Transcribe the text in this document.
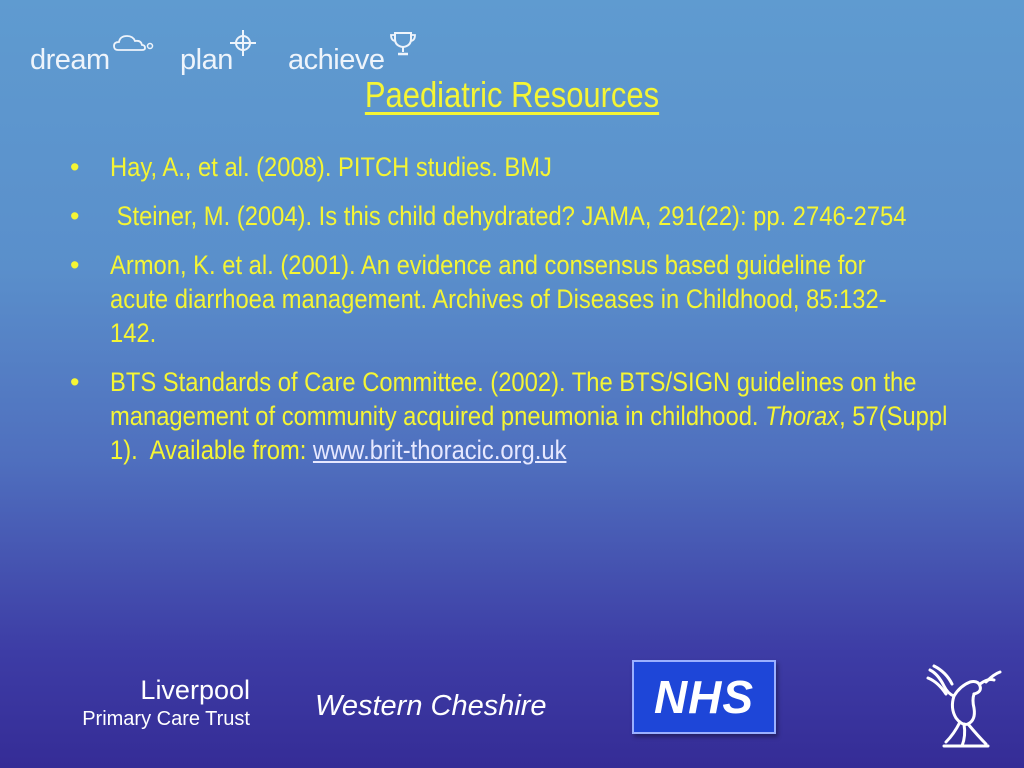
dream plan achieve
Paediatric Resources
• Hay, A., et al. (2008). PITCH studies. BMJ
• Steiner, M. (2004). Is this child dehydrated? JAMA, 291(22): pp. 2746-2754
• Armon, K. et al. (2001). An evidence and consensus based guideline for acute diarrhoea management. Archives of Diseases in Childhood, 85:132-142.
• BTS Standards of Care Committee. (2002). The BTS/SIGN guidelines on the management of community acquired pneumonia in childhood. Thorax, 57(Suppl 1).  Available from: www.brit-thoracic.org.uk
Liverpool
Primary Care Trust Western Cheshire NHS
